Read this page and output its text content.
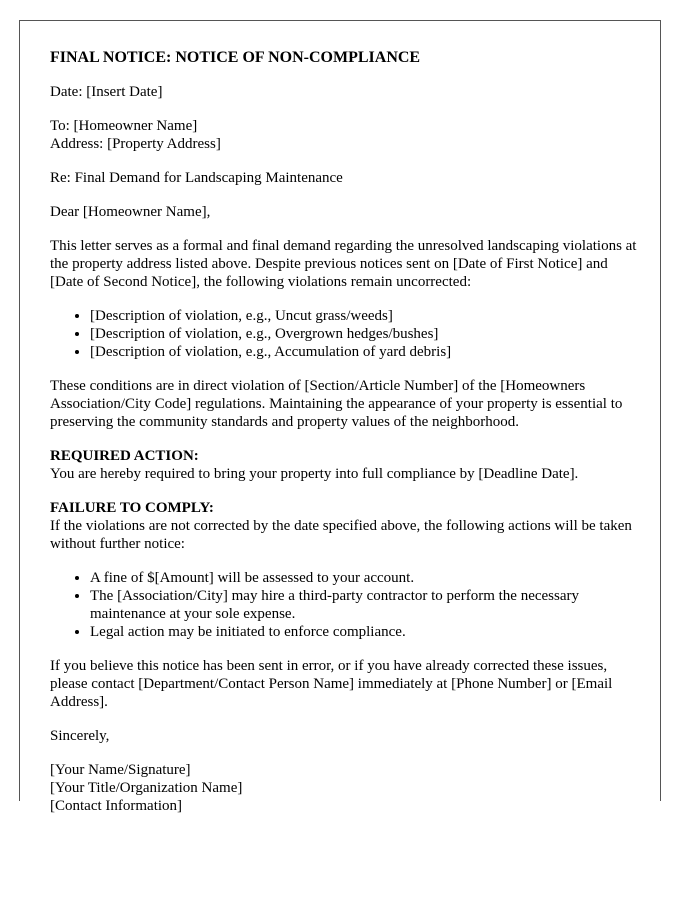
FINAL NOTICE: NOTICE OF NON-COMPLIANCE

Date: [Insert Date]

To: [Homeowner Name]
Address: [Property Address]

Re: Final Demand for Landscaping Maintenance

Dear [Homeowner Name],

This letter serves as a formal and final demand regarding the unresolved landscaping violations at the property address listed above. Despite previous notices sent on [Date of First Notice] and [Date of Second Notice], the following violations remain uncorrected:

• [Description of violation, e.g., Uncut grass/weeds]
• [Description of violation, e.g., Overgrown hedges/bushes]
• [Description of violation, e.g., Accumulation of yard debris]

These conditions are in direct violation of [Section/Article Number] of the [Homeowners Association/City Code] regulations. Maintaining the appearance of your property is essential to preserving the community standards and property values of the neighborhood.

REQUIRED ACTION:
You are hereby required to bring your property into full compliance by [Deadline Date].
FAILURE TO COMPLY:
If the violations are not corrected by the date specified above, the following actions will be taken without further notice:
• A fine of $[Amount] will be assessed to your account.
• The [Association/City] may hire a third-party contractor to perform the necessary maintenance at your sole expense.
• Legal action may be initiated to enforce compliance.

If you believe this notice has been sent in error, or if you have already corrected these issues, please contact [Department/Contact Person Name] immediately at [Phone Number] or [Email Address].

Sincerely,

[Your Name/Signature]
[Your Title/Organization Name]
[Contact Information]
